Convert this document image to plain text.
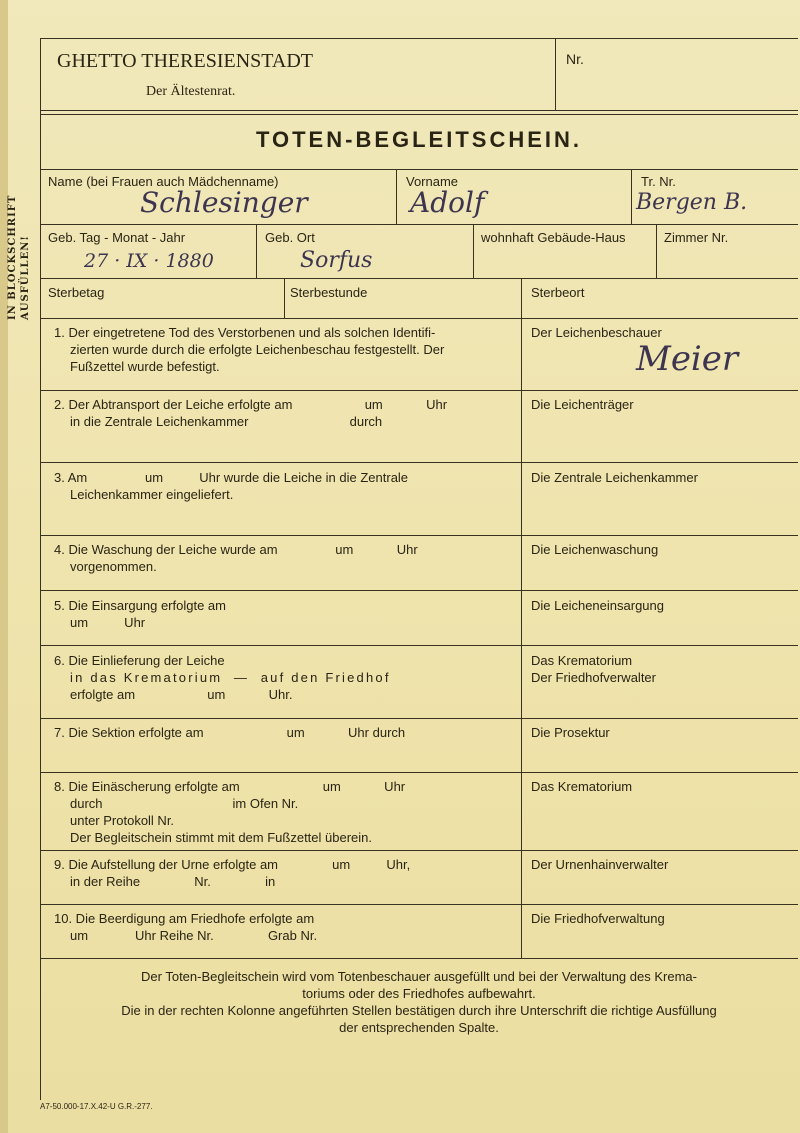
GHETTO THERESIENSTADT
Der Ältestenrat.
Nr.
IN BLOCKSCHRIFT AUSFÜLLEN!
TOTEN-BEGLEITSCHEIN.
Name (bei Frauen auch Mädchenname)
Schlesinger
Vorname
Adolf
Tr. Nr.
Bergen B.
Geb. Tag - Monat - Jahr
27 · IX · 1880
Geb. Ort
Sorfus
wohnhaft Gebäude-Haus	Zimmer Nr.
Sterbetag	Sterbestunde	Sterbeort
1. Der eingetretene Tod des Verstorbenen und als solchen Identifi-
zierten wurde durch die erfolgte Leichenbeschau festgestellt. Der
Fußzettel wurde befestigt.
Der Leichenbeschauer
Meier
2. Der Abtransport der Leiche erfolgte am                    um            Uhr
in die Zentrale Leichenkammer                            durch
Die Leichenträger
3. Am                um          Uhr wurde die Leiche in die Zentrale
Leichenkammer eingeliefert.
Die Zentrale Leichenkammer
4. Die Waschung der Leiche wurde am                um            Uhr
vorgenommen.
Die Leichenwaschung
5. Die Einsargung erfolgte am
um          Uhr
Die Leicheneinsargung
6. Die Einlieferung der Leiche
in das Krematorium  —  auf den Friedhof
erfolgte am                    um            Uhr.
Das Krematorium
Der Friedhofverwalter
7. Die Sektion erfolgte am                       um            Uhr durch	Die Prosektur
8. Die Einäscherung erfolgte am                       um            Uhr
durch                                    im Ofen Nr.
unter Protokoll Nr.
Der Begleitschein stimmt mit dem Fußzettel überein.
Das Krematorium
9. Die Aufstellung der Urne erfolgte am               um          Uhr,
in der Reihe               Nr.               in
Der Urnenhainverwalter
10. Die Beerdigung am Friedhofe erfolgte am
um             Uhr Reihe Nr.               Grab Nr.
Die Friedhofverwaltung
Der Toten-Begleitschein wird vom Totenbeschauer ausgefüllt und bei der Verwaltung des Krema-
toriums oder des Friedhofes aufbewahrt.
Die in der rechten Kolonne angeführten Stellen bestätigen durch ihre Unterschrift die richtige Ausfüllung
der entsprechenden Spalte.
A7-50.000-17.X.42-U G.R.-277.
